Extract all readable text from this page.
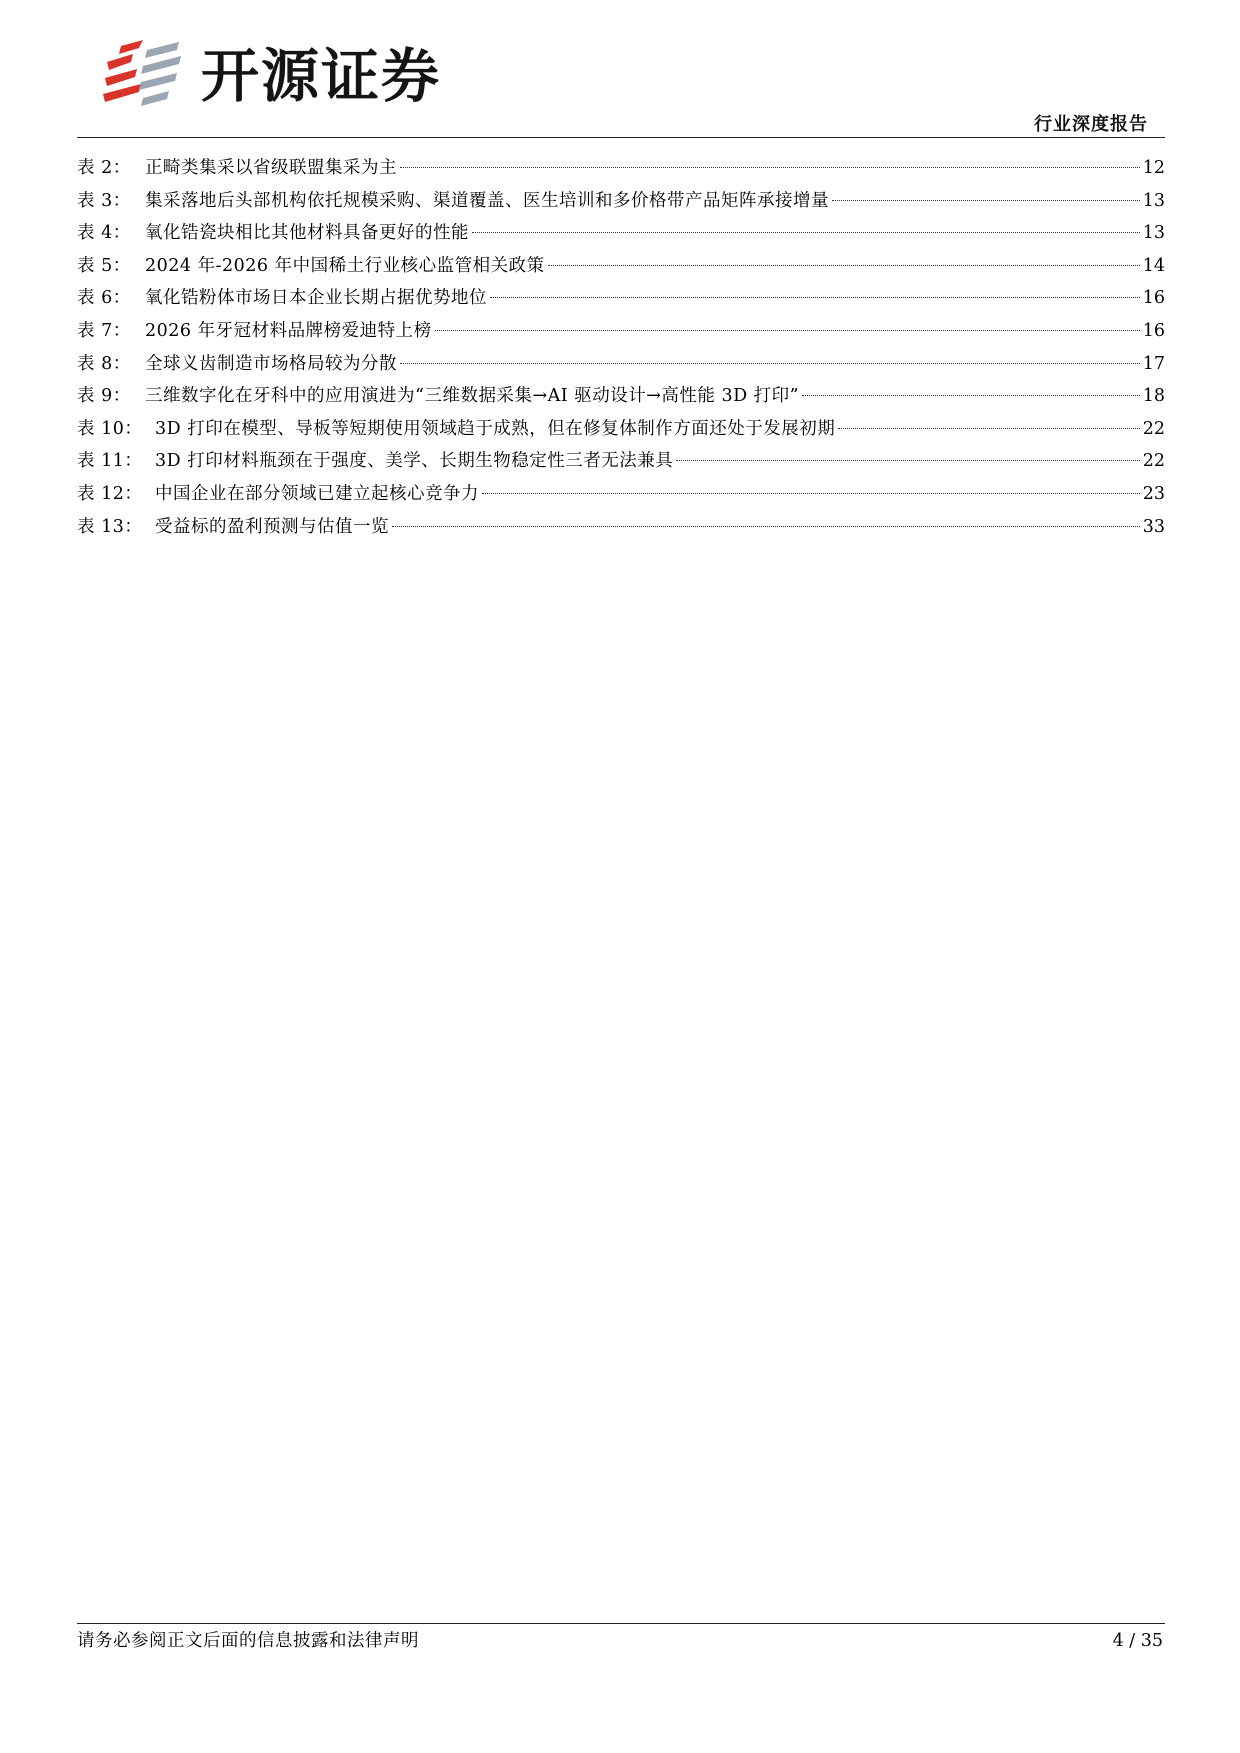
开源证券
行业深度报告
表 2： 正畸类集采以省级联盟集采为主	12
表 3： 集采落地后头部机构依托规模采购、渠道覆盖、医生培训和多价格带产品矩阵承接增量	13
表 4： 氧化锆瓷块相比其他材料具备更好的性能	13
表 5： 2024 年-2026 年中国稀土行业核心监管相关政策	14
表 6： 氧化锆粉体市场日本企业长期占据优势地位	16
表 7： 2026 年牙冠材料品牌榜爱迪特上榜	16
表 8： 全球义齿制造市场格局较为分散	17
表 9： 三维数字化在牙科中的应用演进为“三维数据采集→AI 驱动设计→高性能 3D 打印”	18
表 10： 3D 打印在模型、导板等短期使用领域趋于成熟，但在修复体制作方面还处于发展初期	22
表 11： 3D 打印材料瓶颈在于强度、美学、长期生物稳定性三者无法兼具	22
表 12： 中国企业在部分领域已建立起核心竞争力	23
表 13： 受益标的盈利预测与估值一览	33
请务必参阅正文后面的信息披露和法律声明	4 / 35
